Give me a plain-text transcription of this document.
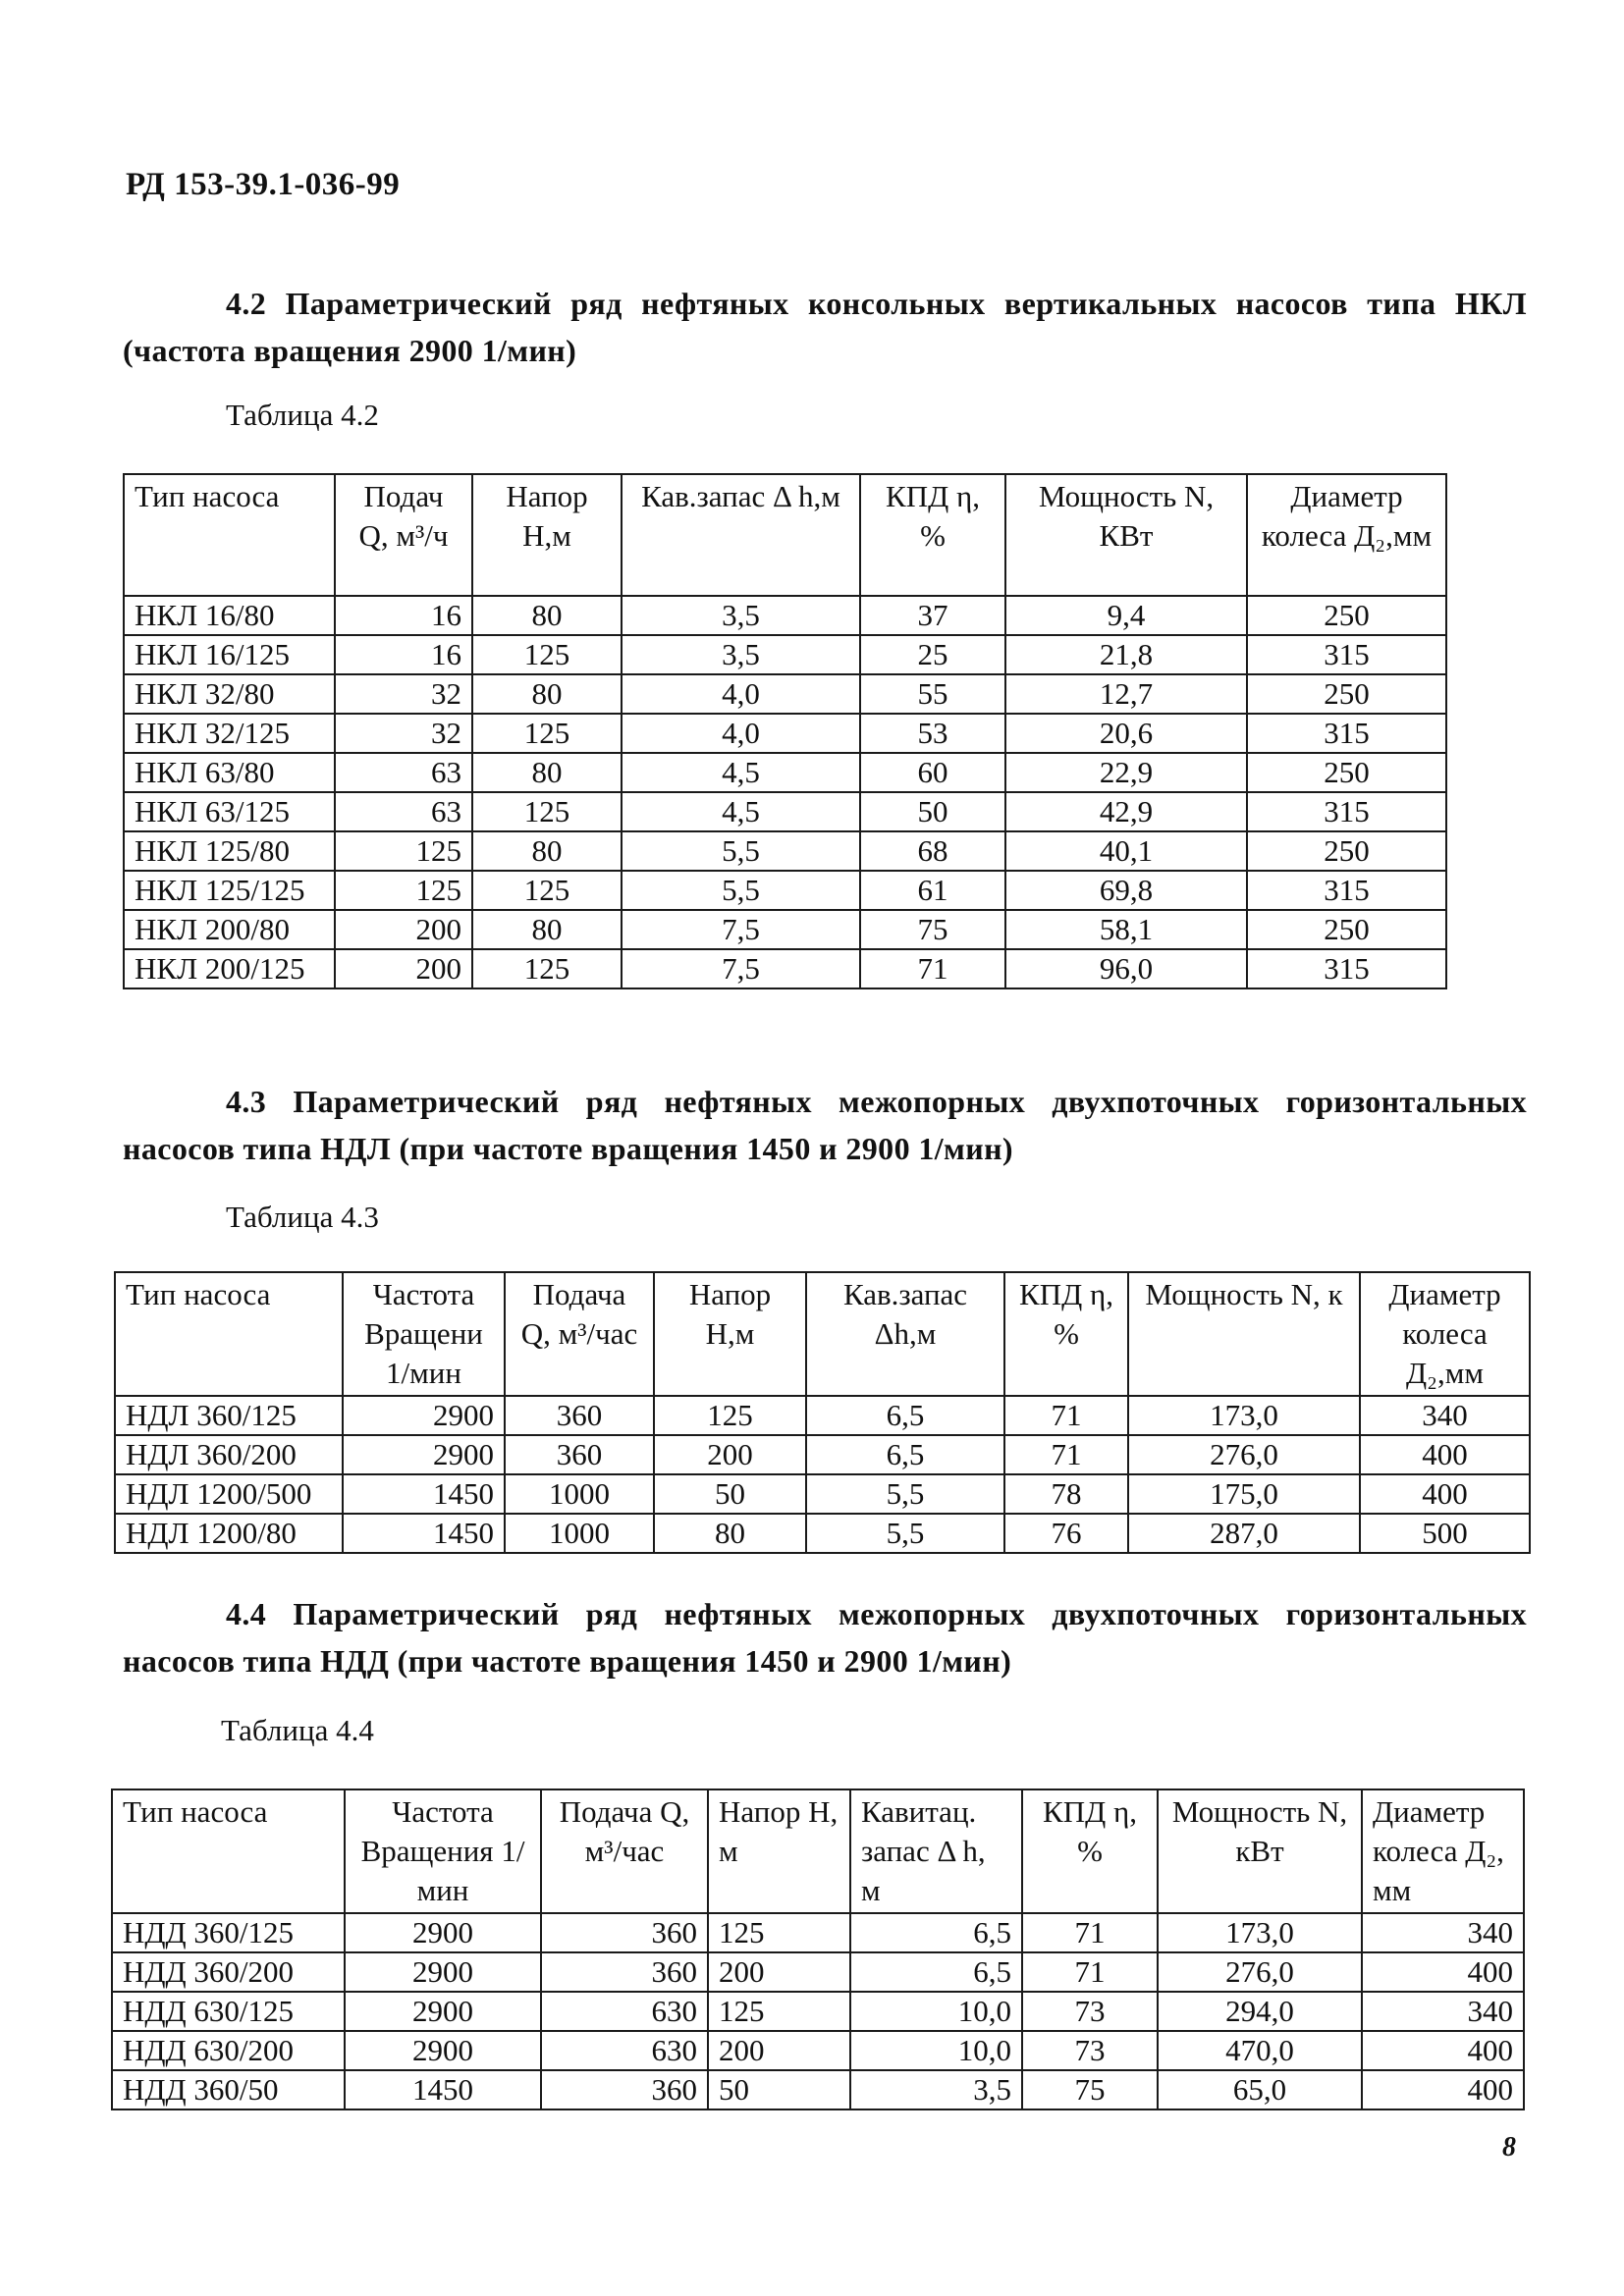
РД 153-39.1-036-99
4.2 Параметрический ряд нефтяных консольных вертикальных насосов типа НКЛ
(частота вращения 2900 1/мин)
Таблица 4.2
Тип насоса	Подач Q, м³/ч	Напор Н,м	Кав.запас Δ h,м	КПД η, %	Мощность N, КВт	Диаметр колеса Д₂,мм
НКЛ 16/80	16	80	3,5	37	9,4	250
НКЛ 16/125	16	125	3,5	25	21,8	315
НКЛ 32/80	32	80	4,0	55	12,7	250
НКЛ 32/125	32	125	4,0	53	20,6	315
НКЛ 63/80	63	80	4,5	60	22,9	250
НКЛ 63/125	63	125	4,5	50	42,9	315
НКЛ 125/80	125	80	5,5	68	40,1	250
НКЛ 125/125	125	125	5,5	61	69,8	315
НКЛ 200/80	200	80	7,5	75	58,1	250
НКЛ 200/125	200	125	7,5	71	96,0	315
4.3 Параметрический ряд нефтяных межопорных двухпоточных горизонтальных
насосов типа НДЛ (при частоте вращения 1450 и 2900 1/мин)
Таблица 4.3
Тип насоса	Частота Вращени 1/мин	Подача Q, м³/час	Напор Н,м	Кав.запас Δh,м	КПД η, %	Мощность N, к	Диаметр колеса Д₂,мм
НДЛ 360/125	2900	360	125	6,5	71	173,0	340
НДЛ 360/200	2900	360	200	6,5	71	276,0	400
НДЛ 1200/500	1450	1000	50	5,5	78	175,0	400
НДЛ 1200/80	1450	1000	80	5,5	76	287,0	500
4.4 Параметрический ряд нефтяных межопорных двухпоточных горизонтальных
насосов типа НДД (при частоте вращения 1450 и 2900 1/мин)
Таблица 4.4
Тип насоса	Частота Вращения 1/мин	Подача Q, м³/час	Напор Н, м	Кавитац. запас Δ h, м	КПД η, %	Мощность N, кВт	Диаметр колеса Д₂, мм
НДД 360/125	2900	360	125	6,5	71	173,0	340
НДД 360/200	2900	360	200	6,5	71	276,0	400
НДД 630/125	2900	630	125	10,0	73	294,0	340
НДД 630/200	2900	630	200	10,0	73	470,0	400
НДД 360/50	1450	360	50	3,5	75	65,0	400
8
